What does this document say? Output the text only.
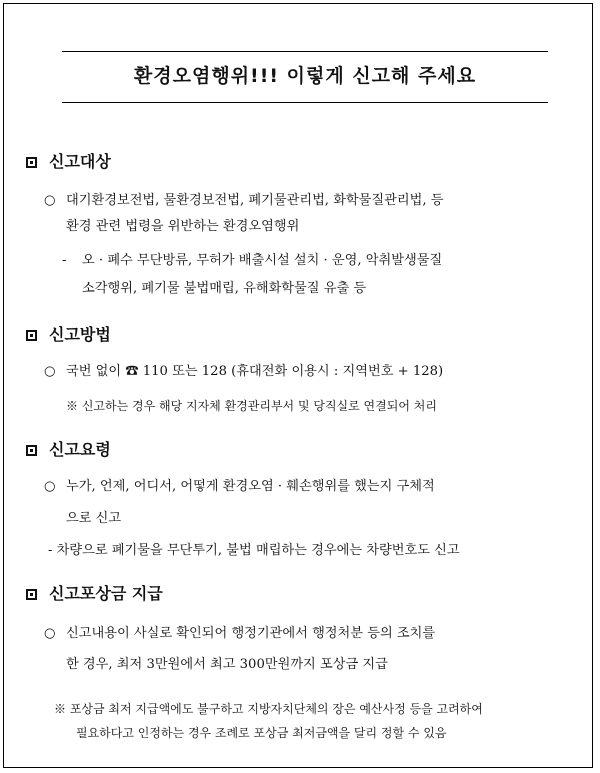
환경오염행위!!! 이렇게 신고해 주세요
신고대상
○ 대기환경보전법, 물환경보전법, 폐기물관리법, 화학물질관리법, 등
환경 관련 법령을 위반하는 환경오염행위
- 오 · 폐수 무단방류, 무허가 배출시설 설치 · 운영, 악취발생물질
소각행위, 폐기물 불법매립, 유해화학물질 유출 등
신고방법
○ 국번 없이 ☎ 110 또는 128 (휴대전화 이용시 : 지역번호 + 128)
※ 신고하는 경우 해당 지자체 환경관리부서 및 당직실로 연결되어 처리
신고요령
○ 누가, 언제, 어디서, 어떻게 환경오염 · 훼손행위를 했는지 구체적
으로 신고
- 차량으로 폐기물을 무단투기, 불법 매립하는 경우에는 차량번호도 신고
신고포상금 지급
○ 신고내용이 사실로 확인되어 행정기관에서 행정처분 등의 조치를
한 경우, 최저 3만원에서 최고 300만원까지 포상금 지급
※ 포상금 최저 지급액에도 불구하고 지방자치단체의 장은 예산사정 등을 고려하여
필요하다고 인정하는 경우 조례로 포상금 최저금액을 달리 정할 수 있음
